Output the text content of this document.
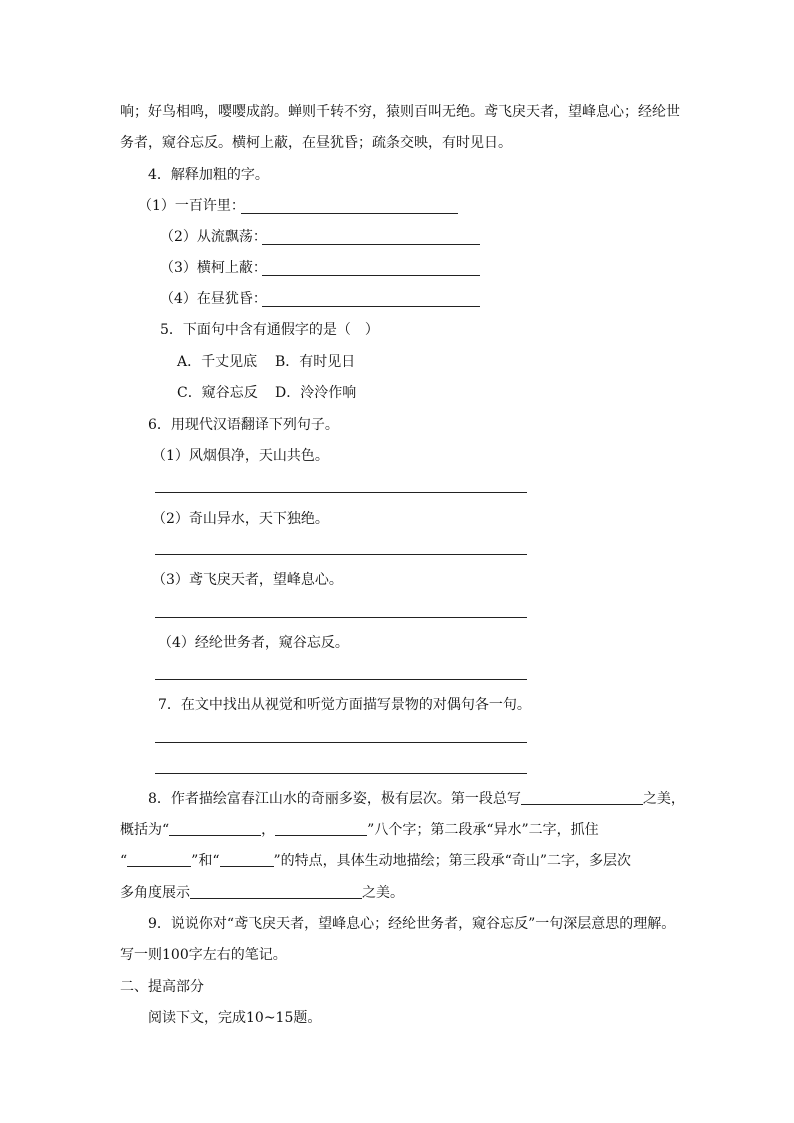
响；好鸟相鸣，嘤嘤成韵。蝉则千转不穷，猿则百叫无绝。鸢飞戾天者，望峰息心；经纶世
务者，窥谷忘反。横柯上蔽，在昼犹昏；疏条交映，有时见日。
4．解释加粗的字。
（1）一百许里：
（2）从流飘荡：
（3）横柯上蔽：
（4）在昼犹昏：
5．下面句中含有通假字的是（　）
A．千丈见底 B．有时见日
C．窥谷忘反 D．泠泠作响
6．用现代汉语翻译下列句子。
（1）风烟俱净，天山共色。
（2）奇山异水，天下独绝。
（3）鸢飞戾天者，望峰息心。
（4）经纶世务者，窥谷忘反。
7．在文中找出从视觉和听觉方面描写景物的对偶句各一句。
8．作者描绘富春江山水的奇丽多姿，极有层次。第一段总写	之美，
概括为“	，	”八个字；第二段承“异水”二字，抓住
“	”和“	”的特点，具体生动地描绘；第三段承“奇山”二字，多层次
多角度展示	之美。
9．说说你对“鸢飞戾天者，望峰息心；经纶世务者，窥谷忘反”一句深层意思的理解。
写一则100字左右的笔记。
二、提高部分
阅读下文，完成10~15题。
